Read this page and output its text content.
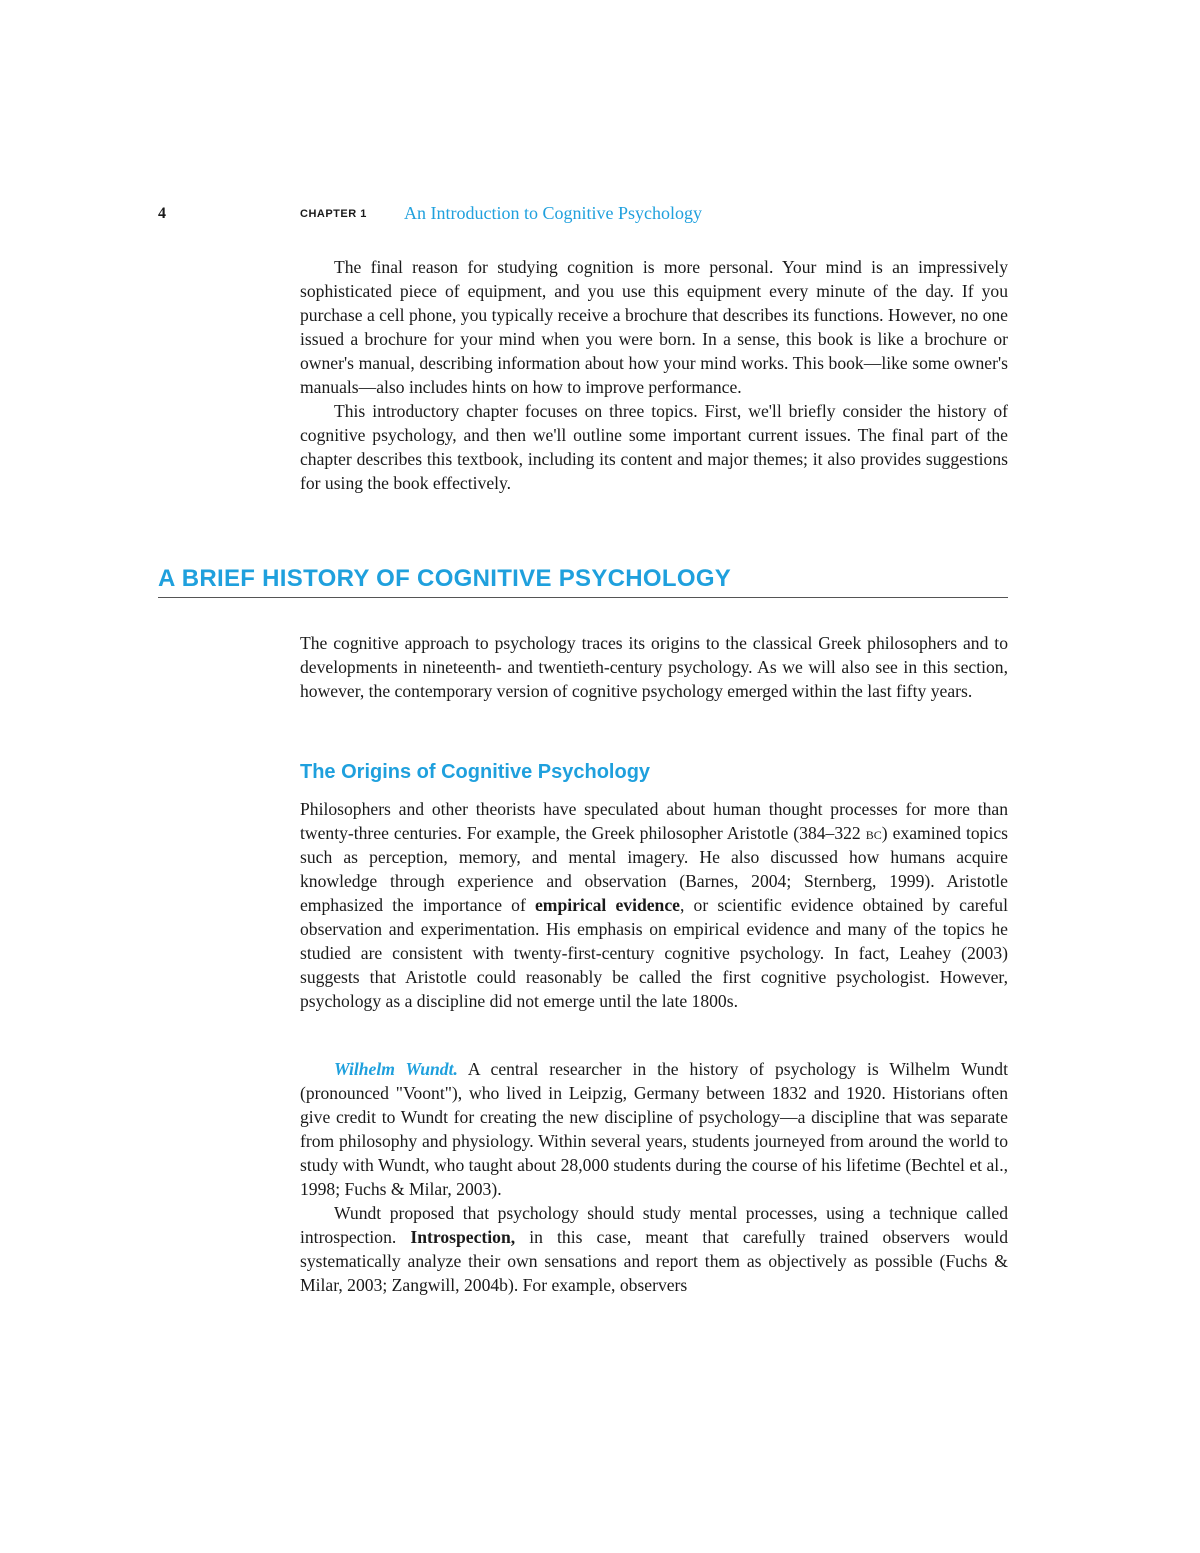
4	CHAPTER 1 An Introduction to Cognitive Psychology

The final reason for studying cognition is more personal. Your mind is an impressively sophisticated piece of equipment, and you use this equipment every minute of the day. If you purchase a cell phone, you typically receive a brochure that describes its functions. However, no one issued a brochure for your mind when you were born. In a sense, this book is like a brochure or owner's manual, describing information about how your mind works. This book—like some owner's manuals—also includes hints on how to improve performance.

This introductory chapter focuses on three topics. First, we'll briefly consider the history of cognitive psychology, and then we'll outline some important current issues. The final part of the chapter describes this textbook, including its content and major themes; it also provides suggestions for using the book effectively.

A BRIEF HISTORY OF COGNITIVE PSYCHOLOGY

The cognitive approach to psychology traces its origins to the classical Greek philosophers and to developments in nineteenth- and twentieth-century psychology. As we will also see in this section, however, the contemporary version of cognitive psychology emerged within the last fifty years.

The Origins of Cognitive Psychology

Philosophers and other theorists have speculated about human thought processes for more than twenty-three centuries. For example, the Greek philosopher Aristotle (384–322 bc) examined topics such as perception, memory, and mental imagery. He also discussed how humans acquire knowledge through experience and observation (Barnes, 2004; Sternberg, 1999). Aristotle emphasized the importance of empirical evidence, or scientific evidence obtained by careful observation and experimentation. His emphasis on empirical evidence and many of the topics he studied are consistent with twenty-first-century cognitive psychology. In fact, Leahey (2003) suggests that Aristotle could reasonably be called the first cognitive psychologist. However, psychology as a discipline did not emerge until the late 1800s.

Wilhelm Wundt. A central researcher in the history of psychology is Wilhelm Wundt (pronounced "Voont"), who lived in Leipzig, Germany between 1832 and 1920. Historians often give credit to Wundt for creating the new discipline of psychology—a discipline that was separate from philosophy and physiology. Within several years, students journeyed from around the world to study with Wundt, who taught about 28,000 students during the course of his lifetime (Bechtel et al., 1998; Fuchs & Milar, 2003).

Wundt proposed that psychology should study mental processes, using a technique called introspection. Introspection, in this case, meant that carefully trained observers would systematically analyze their own sensations and report them as objectively as possible (Fuchs & Milar, 2003; Zangwill, 2004b). For example, observers
